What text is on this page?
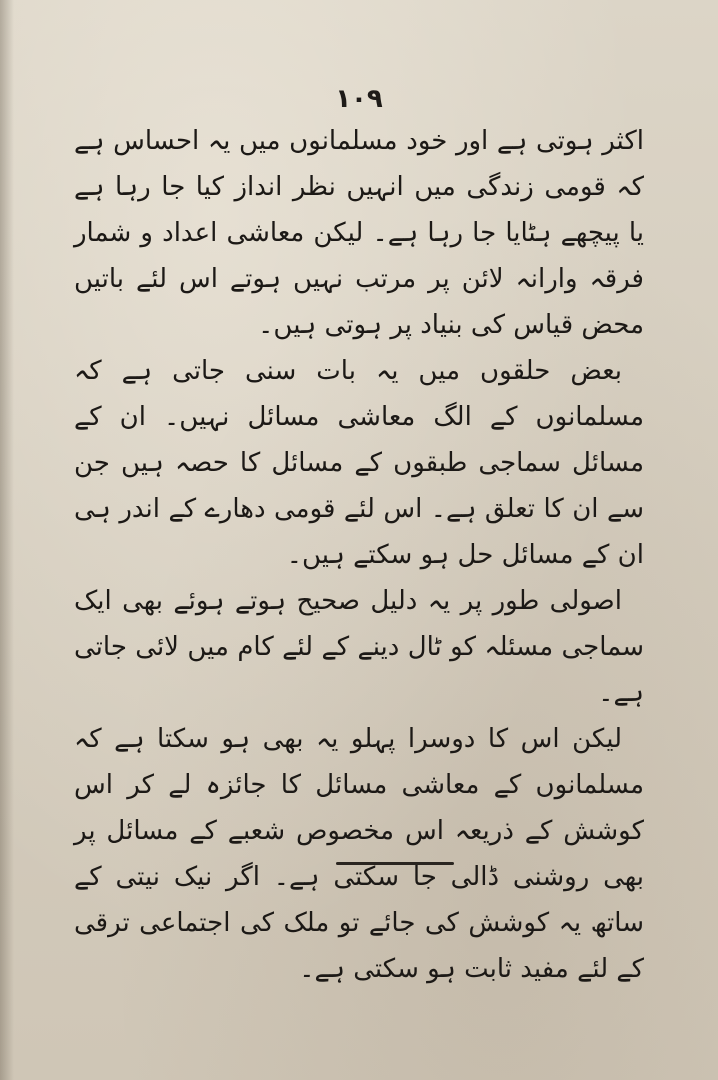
۱۰۹

اکثر ہوتی ہے اور خود مسلمانوں میں یہ احساس ہے کہ قومی زندگی میں انہیں نظر انداز کیا جا رہا ہے یا پیچھے ہٹایا جا رہا ہے۔ لیکن معاشی اعداد و شمار فرقہ وارانہ لائن پر مرتب نہیں ہوتے اس لئے باتیں محض قیاس کی بنیاد پر ہوتی ہیں۔

بعض حلقوں میں یہ بات سنی جاتی ہے کہ مسلمانوں کے الگ معاشی مسائل نہیں۔ ان کے مسائل سماجی طبقوں کے مسائل کا حصہ ہیں جن سے ان کا تعلق ہے۔ اس لئے قومی دھارے کے اندر ہی ان کے مسائل حل ہو سکتے ہیں۔

اصولی طور پر یہ دلیل صحیح ہوتے ہوئے بھی ایک سماجی مسئلہ کو ٹال دینے کے لئے کام میں لائی جاتی ہے۔

لیکن اس کا دوسرا پہلو یہ بھی ہو سکتا ہے کہ مسلمانوں کے معاشی مسائل کا جائزہ لے کر اس کوشش کے ذریعہ اس مخصوص شعبے کے مسائل پر بھی روشنی ڈالی جا سکتی ہے۔ اگر نیک نیتی کے ساتھ یہ کوشش کی جائے تو ملک کی اجتماعی ترقی کے لئے مفید ثابت ہو سکتی ہے۔
